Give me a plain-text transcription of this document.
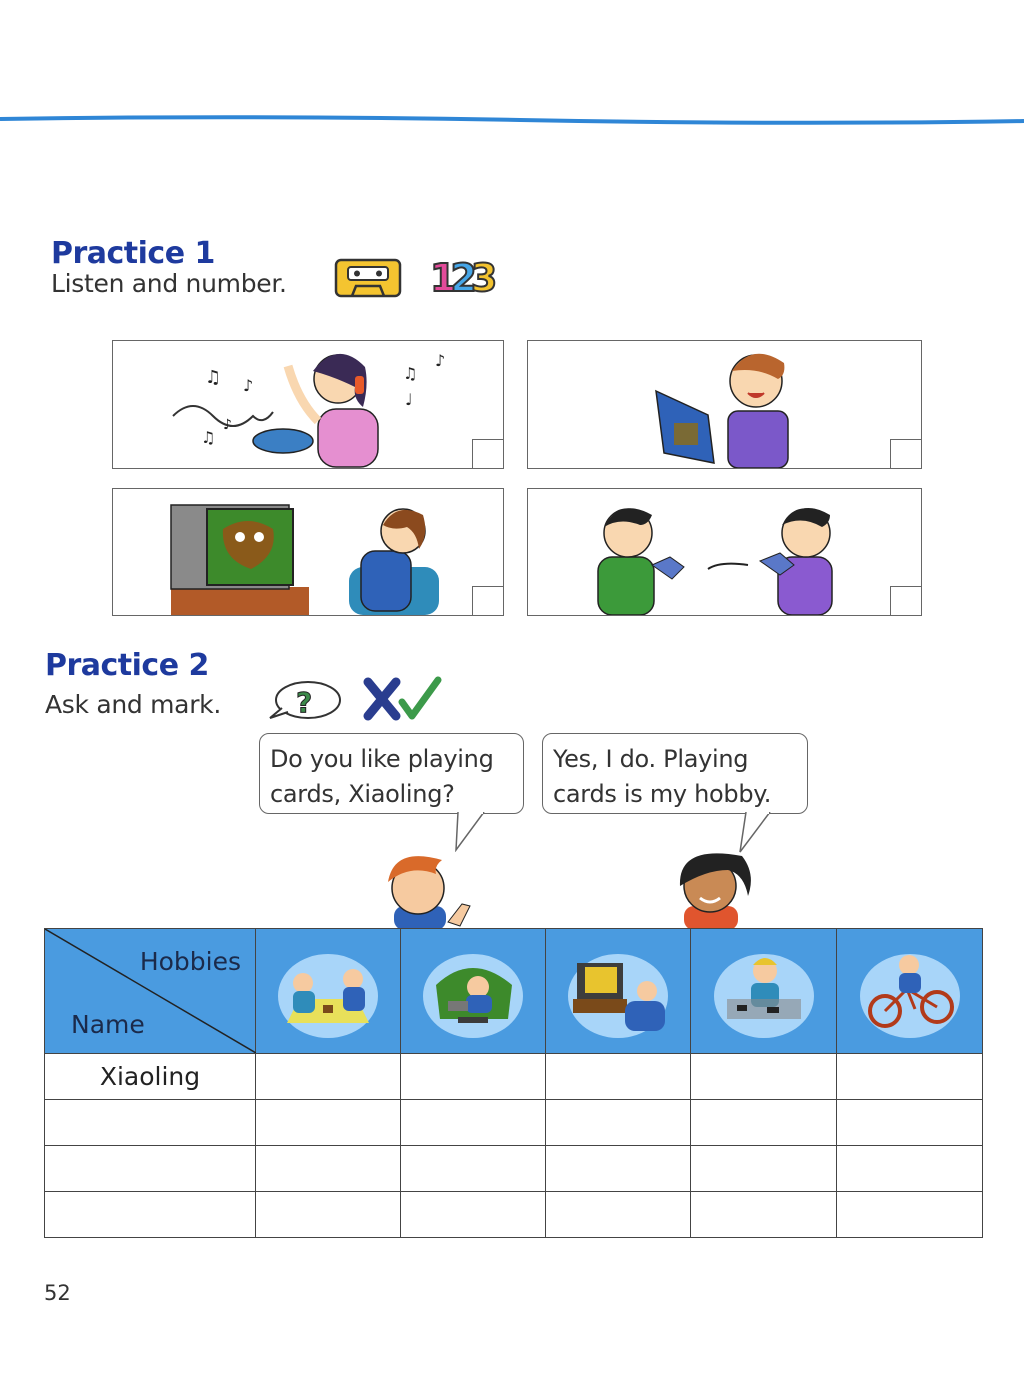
Practice 1
Listen and number.	123
♫ ♪
♫
♪
♫
♪
♩
Practice 2
Ask and mark.	?
Do you like playing
cards, Xiaoling?
Yes, I do. Playing
cards is my hobby.
Hobbies
Name

Xiaoling					

52
